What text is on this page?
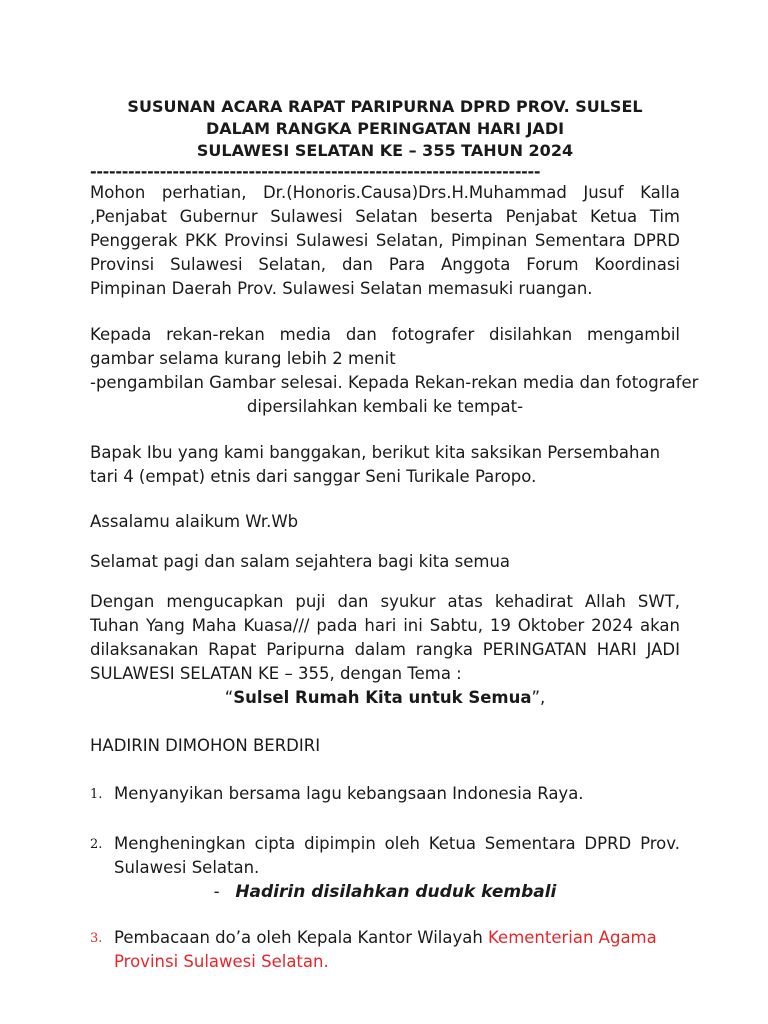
SUSUNAN ACARA RAPAT PARIPURNA DPRD PROV. SULSEL

DALAM RANGKA PERINGATAN HARI JADI

SULAWESI SELATAN KE – 355 TAHUN 2024

-----------------------------------------------------------------------

Mohon perhatian, Dr.(Honoris.Causa)Drs.H.Muhammad Jusuf Kalla ,Penjabat Gubernur Sulawesi Selatan beserta Penjabat Ketua Tim Penggerak PKK Provinsi Sulawesi Selatan, Pimpinan Sementara DPRD Provinsi Sulawesi Selatan, dan Para Anggota Forum Koordinasi Pimpinan Daerah Prov. Sulawesi Selatan memasuki ruangan.

Kepada rekan-rekan media dan fotografer disilahkan mengambil gambar selama kurang lebih 2 menit

-pengambilan Gambar selesai. Kepada Rekan-rekan media dan fotografer

dipersilahkan kembali ke tempat-

Bapak Ibu yang kami banggakan, berikut kita saksikan Persembahan tari 4 (empat) etnis dari sanggar Seni Turikale Paropo.

Assalamu alaikum Wr.Wb

Selamat pagi dan salam sejahtera bagi kita semua

Dengan mengucapkan puji dan syukur atas kehadirat Allah SWT, Tuhan Yang Maha Kuasa/// pada hari ini Sabtu, 19 Oktober 2024 akan dilaksanakan Rapat Paripurna dalam rangka PERINGATAN HARI JADI SULAWESI SELATAN KE – 355, dengan Tema :

“Sulsel Rumah Kita untuk Semua”,

HADIRIN DIMOHON BERDIRI

1. Menyanyikan bersama lagu kebangsaan Indonesia Raya.
2. Mengheningkan cipta dipimpin oleh Ketua Sementara DPRD Prov. Sulawesi Selatan.

- Hadirin disilahkan duduk kembali

3. Pembacaan do’a oleh Kepala Kantor Wilayah Kementerian Agama Provinsi Sulawesi Selatan.
